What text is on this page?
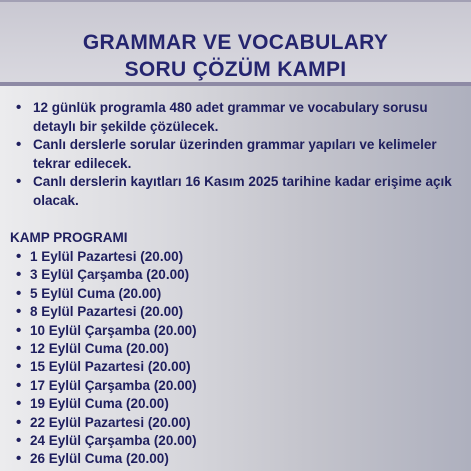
GRAMMAR VE VOCABULARY
SORU ÇÖZÜM KAMPI
• 12 günlük programla 480 adet grammar ve vocabulary sorusu detaylı bir şekilde çözülecek.
• Canlı derslerle sorular üzerinden grammar yapıları ve kelimeler tekrar edilecek.
• Canlı derslerin kayıtları 16 Kasım 2025 tarihine kadar erişime açık olacak.
KAMP PROGRAMI
• 1 Eylül Pazartesi (20.00)
• 3 Eylül Çarşamba (20.00)
• 5 Eylül Cuma (20.00)
• 8 Eylül Pazartesi (20.00)
• 10 Eylül Çarşamba (20.00)
• 12 Eylül Cuma (20.00)
• 15 Eylül Pazartesi (20.00)
• 17 Eylül Çarşamba (20.00)
• 19 Eylül Cuma (20.00)
• 22 Eylül Pazartesi (20.00)
• 24 Eylül Çarşamba (20.00)
• 26 Eylül Cuma (20.00)
